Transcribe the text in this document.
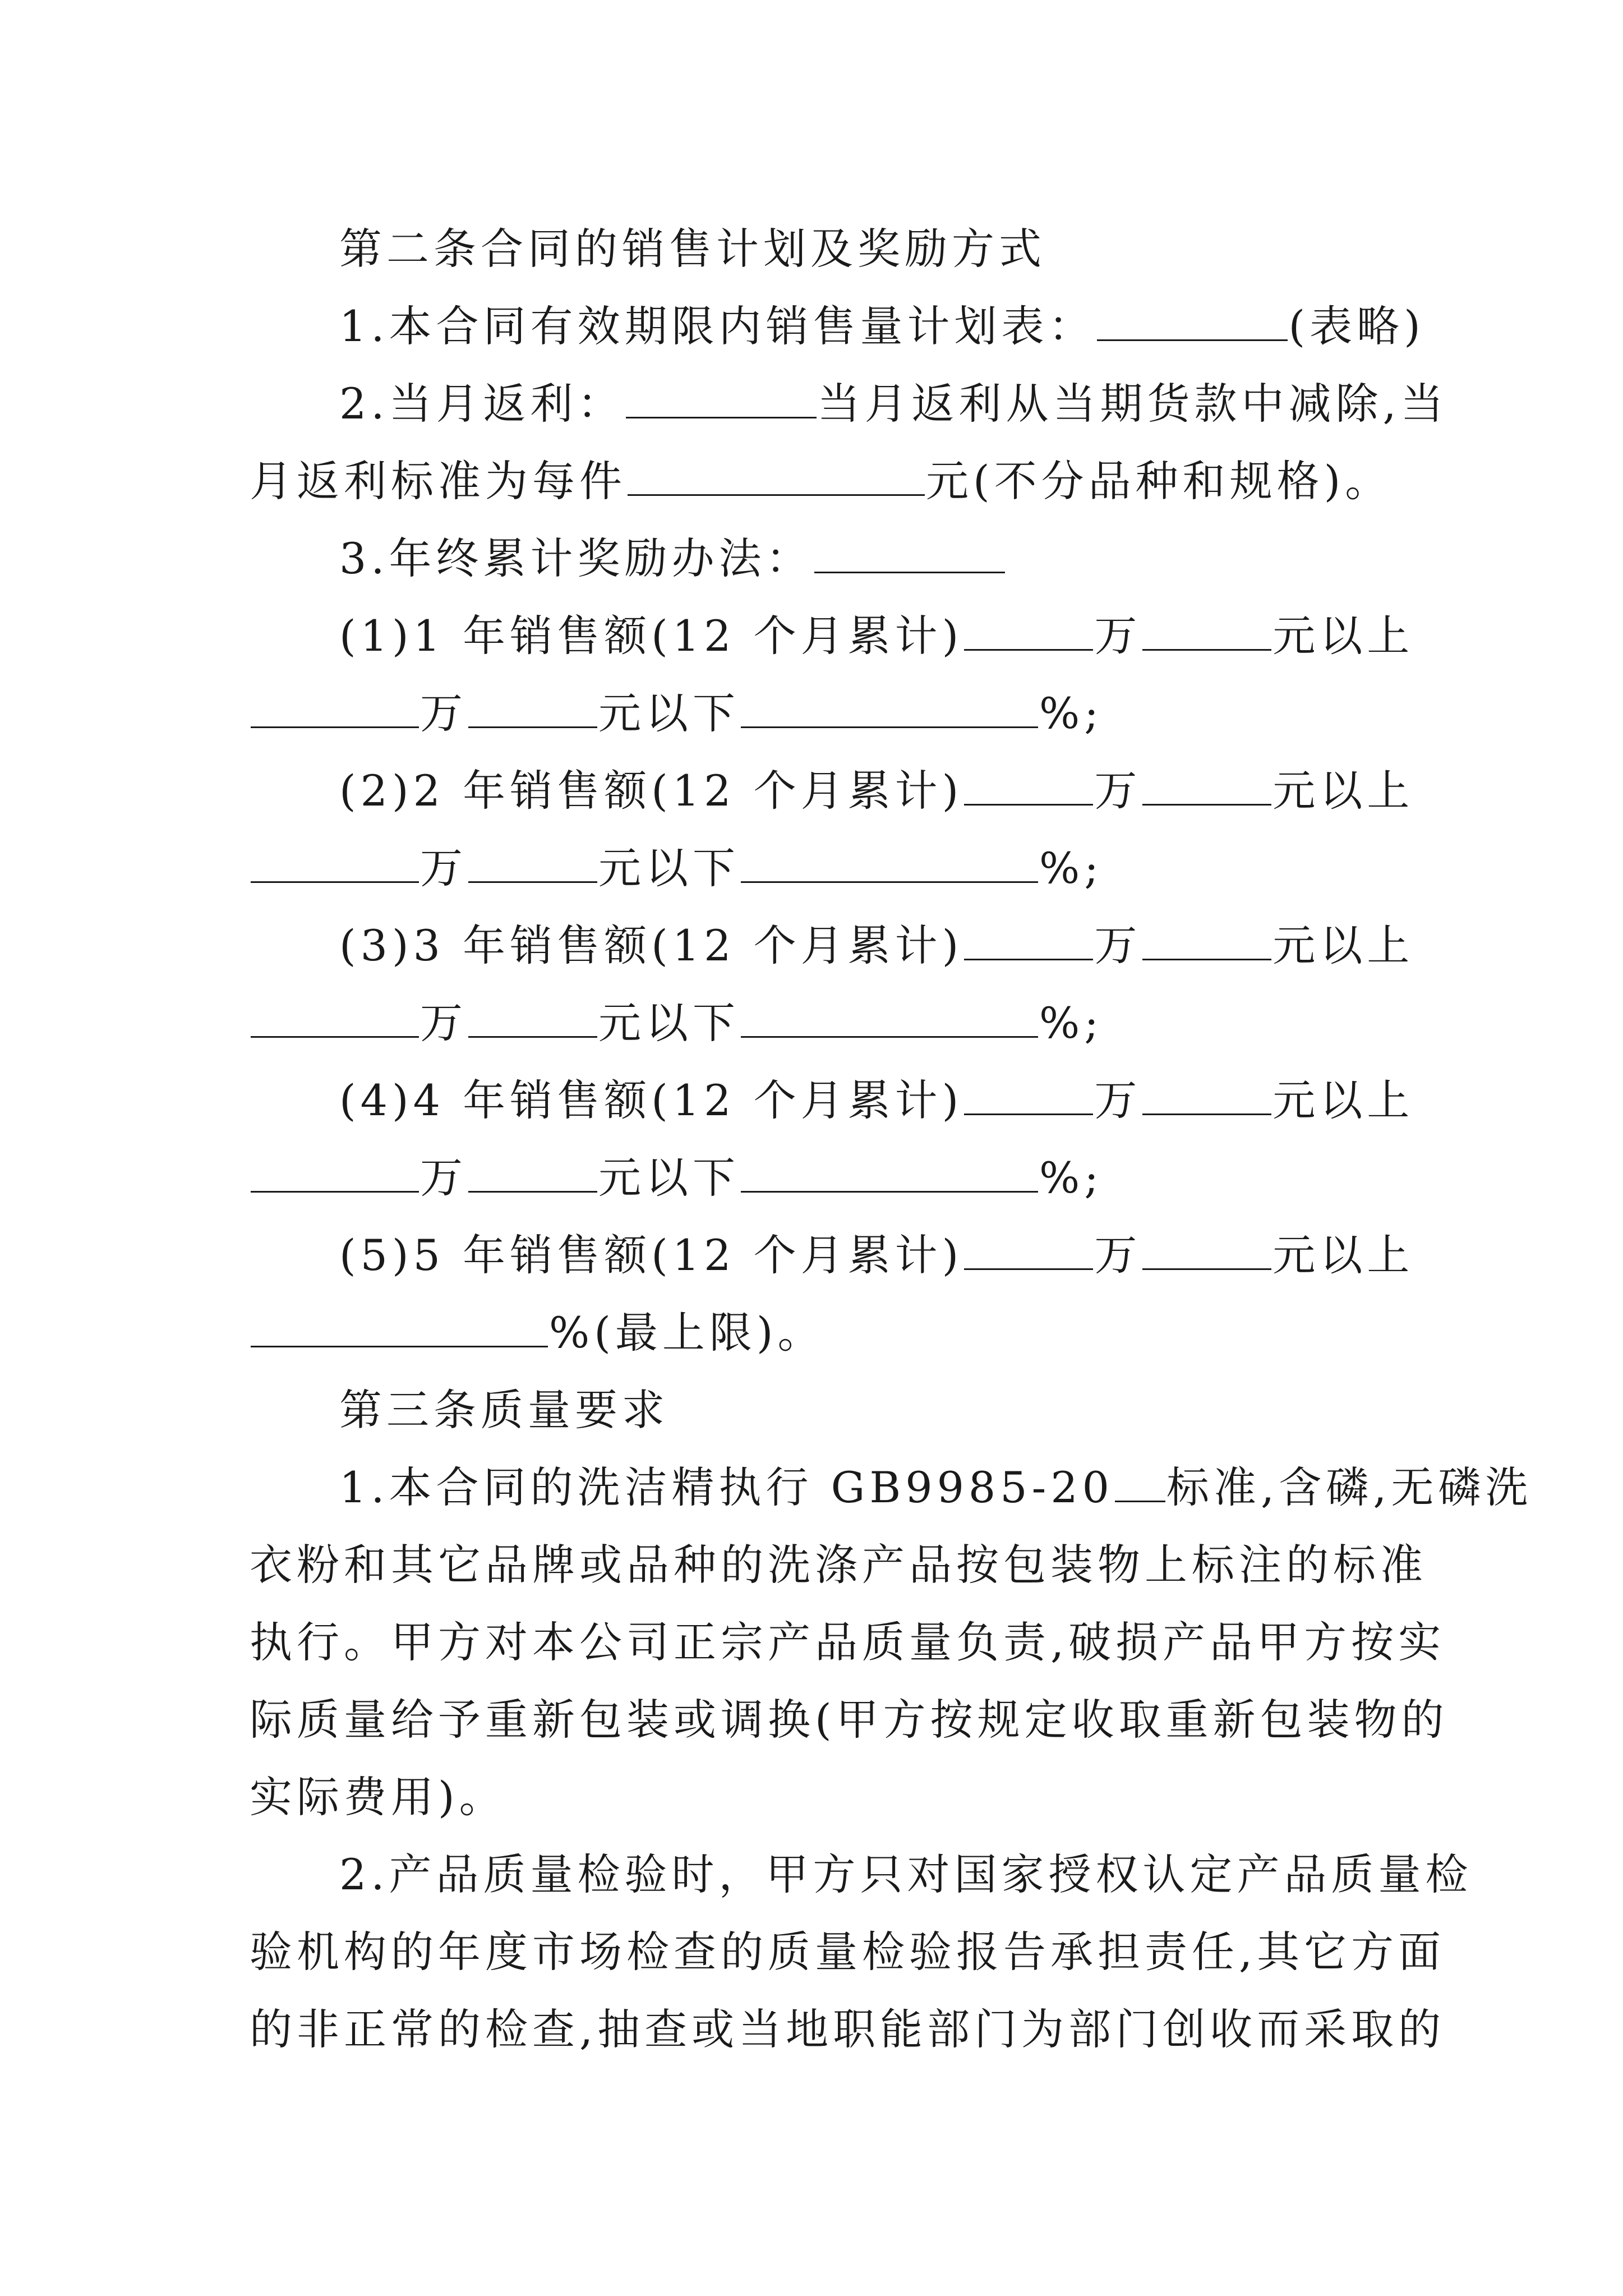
第二条合同的销售计划及奖励方式
1.本合同有效期限内销售量计划表：	(表略)
2.当月返利：	当月返利从当期货款中减除,当
月返利标准为每件	元(不分品种和规格)。
3.年终累计奖励办法：
(1)1 年销售额(12 个月累计)	万	元以上
万	元以下	%;
(2)2 年销售额(12 个月累计)	万	元以上
万	元以下	%;
(3)3 年销售额(12 个月累计)	万	元以上
万	元以下	%;
(4)4 年销售额(12 个月累计)	万	元以上
万	元以下	%;
(5)5 年销售额(12 个月累计)	万	元以上
%(最上限)。
第三条质量要求
1.本合同的洗洁精执行 GB9985-20 标准,含磷,无磷洗
衣粉和其它品牌或品种的洗涤产品按包装物上标注的标准
执行。甲方对本公司正宗产品质量负责,破损产品甲方按实
际质量给予重新包装或调换(甲方按规定收取重新包装物的
实际费用)。
2.产品质量检验时，甲方只对国家授权认定产品质量检
验机构的年度市场检查的质量检验报告承担责任,其它方面
的非正常的检查,抽查或当地职能部门为部门创收而采取的
